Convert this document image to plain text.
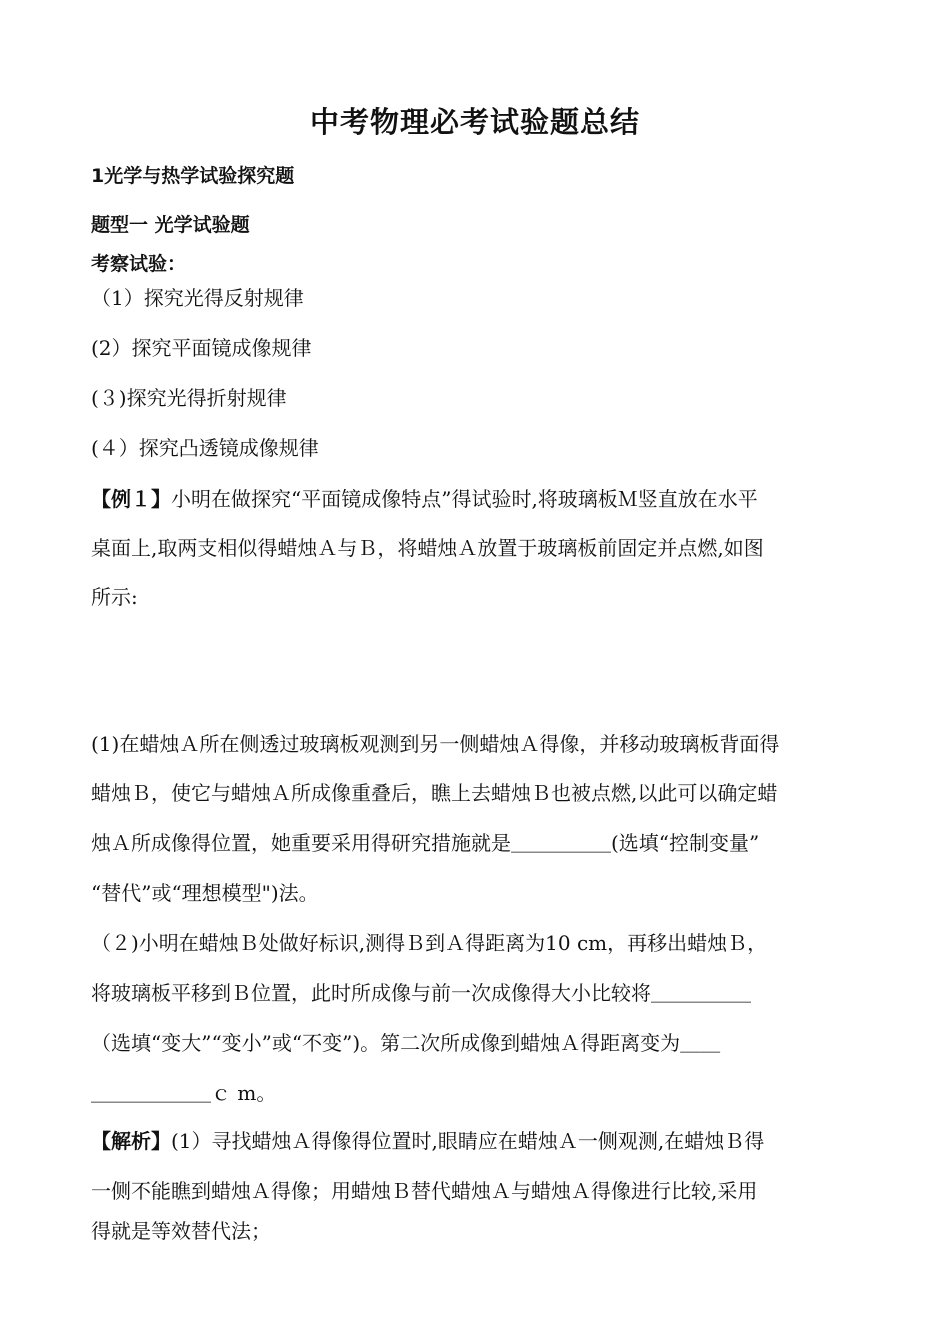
中考物理必考试验题总结
1光学与热学试验探究题
题型一 光学试验题
考察试验：
（1）探究光得反射规律
(2）探究平面镜成像规律
(３)探究光得折射规律
(４）探究凸透镜成像规律
【例１】小明在做探究“平面镜成像特点”得试验时,将玻璃板Ｍ竖直放在水平
桌面上,取两支相似得蜡烛Ａ与Ｂ，将蜡烛Ａ放置于玻璃板前固定并点燃,如图
所示:
(1)在蜡烛Ａ所在侧透过玻璃板观测到另一侧蜡烛Ａ得像，并移动玻璃板背面得
蜡烛Ｂ，使它与蜡烛Ａ所成像重叠后，瞧上去蜡烛Ｂ也被点燃,以此可以确定蜡
烛Ａ所成像得位置，她重要采用得研究措施就是＿＿＿＿＿(选填“控制变量”
“替代”或“理想模型")法。
（２)小明在蜡烛Ｂ处做好标识,测得Ｂ到Ａ得距离为10 cm，再移出蜡烛Ｂ，
将玻璃板平移到Ｂ位置，此时所成像与前一次成像得大小比较将＿＿＿＿＿
（选填“变大”“变小”或“不变”)。第二次所成像到蜡烛Ａ得距离变为＿＿
＿＿＿＿＿＿ｃ m。
【解析】(1）寻找蜡烛Ａ得像得位置时,眼睛应在蜡烛Ａ一侧观测,在蜡烛Ｂ得
一侧不能瞧到蜡烛Ａ得像；用蜡烛Ｂ替代蜡烛Ａ与蜡烛Ａ得像进行比较,采用
得就是等效替代法；
